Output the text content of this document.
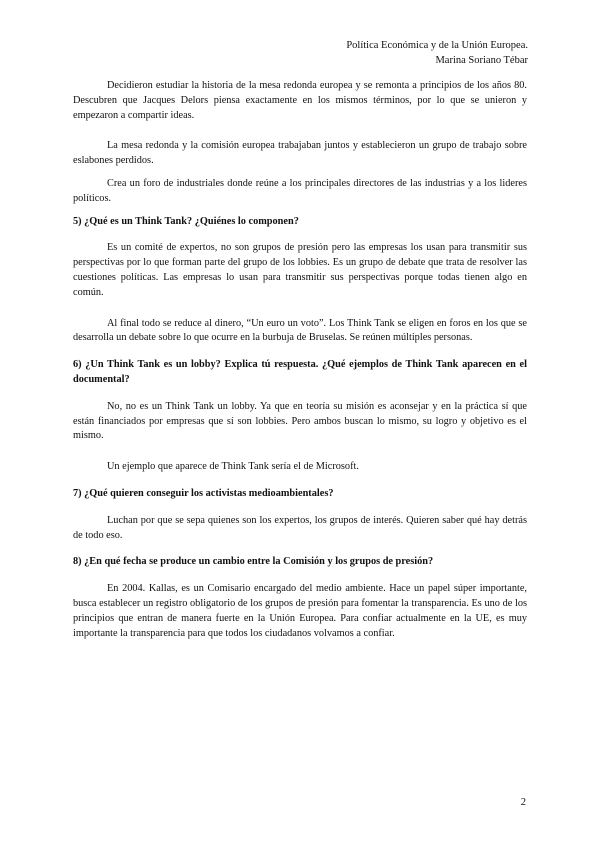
Política Económica y de la Unión Europea.
Marina Soriano Tébar

Decidieron estudiar la historia de la mesa redonda europea y se remonta a principios de los años 80. Descubren que Jacques Delors piensa exactamente en los mismos términos, por lo que se unieron y empezaron a compartir ideas.

La mesa redonda y la comisión europea trabajaban juntos y establecieron un grupo de trabajo sobre eslabones perdidos.

Crea un foro de industriales donde reúne a los principales directores de las industrias y a los lideres políticos.

5) ¿Qué es un Think Tank? ¿Quiénes lo componen?

Es un comité de expertos, no son grupos de presión pero las empresas los usan para transmitir sus perspectivas por lo que forman parte del grupo de los lobbies. Es un grupo de debate que trata de resolver las cuestiones políticas. Las empresas lo usan para transmitir sus perspectivas porque todas tienen algo en común.

Al final todo se reduce al dinero, “Un euro un voto”. Los Think Tank se eligen en foros en los que se desarrolla un debate sobre lo que ocurre en la burbuja de Bruselas. Se reúnen múltiples personas.

6) ¿Un Think Tank es un lobby? Explica tú respuesta. ¿Qué ejemplos de Think Tank aparecen en el documental?

No, no es un Think Tank un lobby. Ya que en teoría su misión es aconsejar y en la práctica sí que están financiados por empresas que sí son lobbies. Pero ambos buscan lo mismo, su logro y objetivo es el mismo.

Un ejemplo que aparece de Think Tank sería el de Microsoft.

7) ¿Qué quieren conseguir los activistas medioambientales?

Luchan por que se sepa quienes son los expertos, los grupos de interés. Quieren saber qué hay detrás de todo eso.

8) ¿En qué fecha se produce un cambio entre la Comisión y los grupos de presión?

En 2004. Kallas, es un Comisario encargado del medio ambiente. Hace un papel súper importante, busca establecer un registro obligatorio de los grupos de presión para fomentar la transparencia. Es uno de los principios que entran de manera fuerte en la Unión Europea. Para confiar actualmente en la UE, es muy importante la transparencia para que todos los ciudadanos volvamos a confiar.

2
